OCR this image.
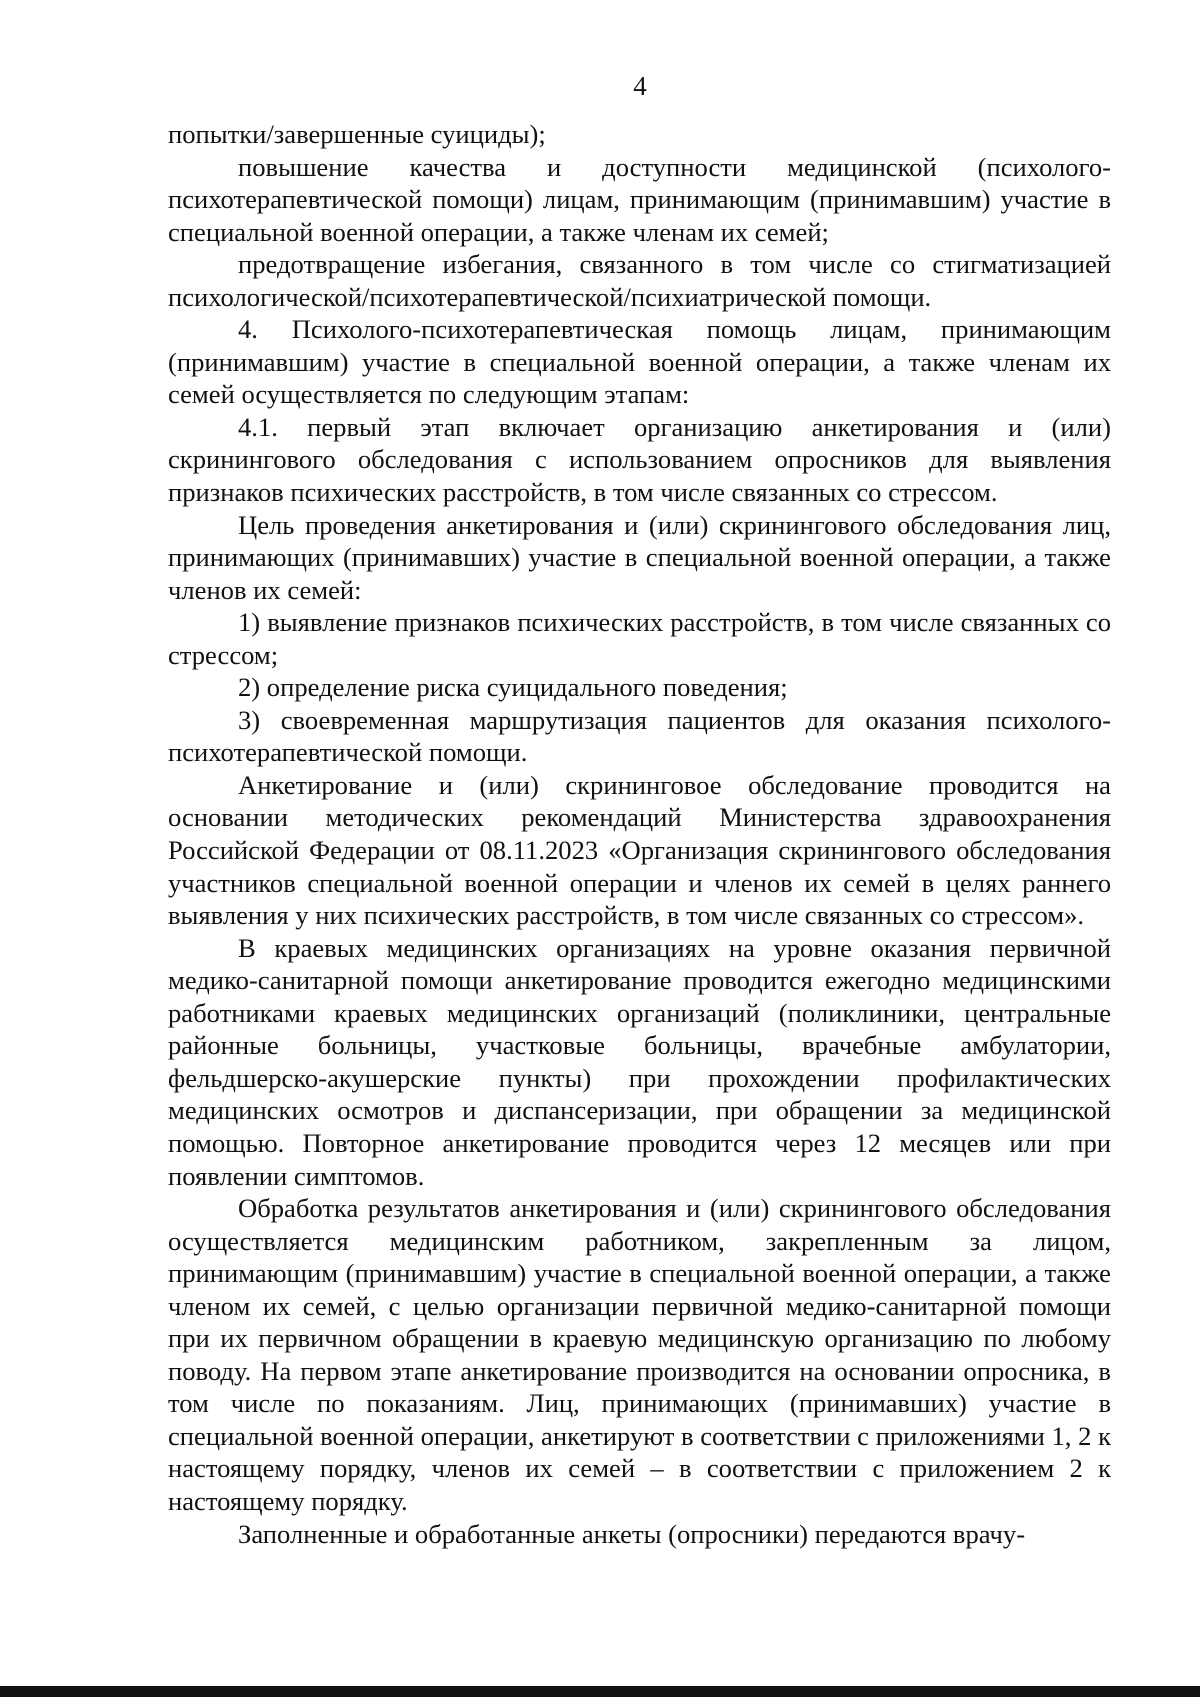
4

попытки/завершенные суициды);

повышение качества и доступности медицинской (психолого-психотерапевтической помощи) лицам, принимающим (принимавшим) участие в специальной военной операции, а также членам их семей;

предотвращение избегания, связанного в том числе со стигматизацией психологической/психотерапевтической/психиатрической помощи.

4. Психолого-психотерапевтическая помощь лицам, принимающим (принимавшим) участие в специальной военной операции, а также членам их семей осуществляется по следующим этапам:

4.1. первый этап включает организацию анкетирования и (или) скринингового обследования с использованием опросников для выявления признаков психических расстройств, в том числе связанных со стрессом.

Цель проведения анкетирования и (или) скринингового обследования лиц, принимающих (принимавших) участие в специальной военной операции, а также членов их семей:

1) выявление признаков психических расстройств, в том числе связанных со стрессом;

2) определение риска суицидального поведения;

3) своевременная маршрутизация пациентов для оказания психолого-психотерапевтической помощи.

Анкетирование и (или) скрининговое обследование проводится на основании методических рекомендаций Министерства здравоохранения Российской Федерации от 08.11.2023 «Организация скринингового обследования участников специальной военной операции и членов их семей в целях раннего выявления у них психических расстройств, в том числе связанных со стрессом».

В краевых медицинских организациях на уровне оказания первичной медико-санитарной помощи анкетирование проводится ежегодно медицинскими работниками краевых медицинских организаций (поликлиники, центральные районные больницы, участковые больницы, врачебные амбулатории, фельдшерско-акушерские пункты) при прохождении профилактических медицинских осмотров и диспансеризации, при обращении за медицинской помощью. Повторное анкетирование проводится через 12 месяцев или при появлении симптомов.

Обработка результатов анкетирования и (или) скринингового обследования осуществляется медицинским работником, закрепленным за лицом, принимающим (принимавшим) участие в специальной военной операции, а также членом их семей, с целью организации первичной медико-санитарной помощи при их первичном обращении в краевую медицинскую организацию по любому поводу. На первом этапе анкетирование производится на основании опросника, в том числе по показаниям. Лиц, принимающих (принимавших) участие в специальной военной операции, анкетируют в соответствии с приложениями 1, 2 к настоящему порядку, членов их семей – в соответствии с приложением 2 к настоящему порядку.

Заполненные и обработанные анкеты (опросники) передаются врачу-
